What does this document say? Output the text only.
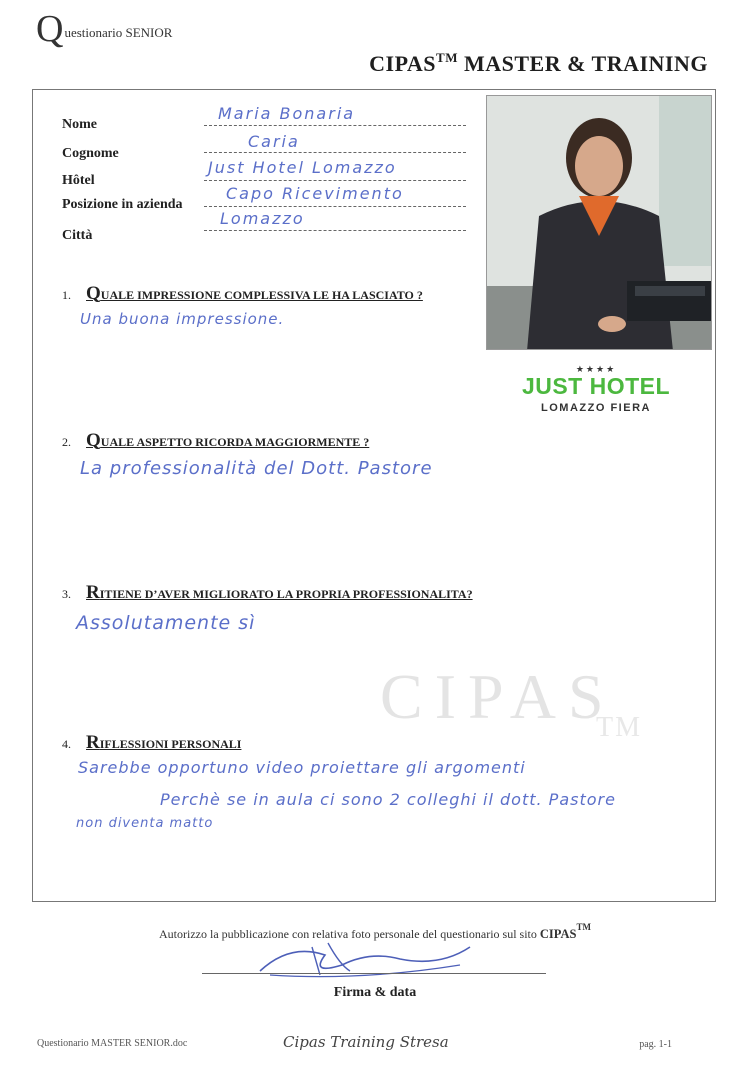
Questionario SENIOR
CIPAS™ MASTER & TRAINING
Nome
Maria Bonaria
Cognome
Caria
Hôtel
Just Hotel Lomazzo
Posizione in azienda
Capo Ricevimento
Città
Lomazzo
★★★★
JUST HOTEL
LOMAZZO FIERA
1. QUALE IMPRESSIONE COMPLESSIVA LE HA LASCIATO ?
Una buona impressione.
2. QUALE ASPETTO RICORDA MAGGIORMENTE ?
La professionalità del Dott. Pastore
3. RITIENE D’AVER MIGLIORATO LA PROPRIA PROFESSIONALITA?
Assolutamente sì
CIPAS
TM
4. RIFLESSIONI PERSONALI
Sarebbe opportuno video proiettare gli argomenti
Perchè se in aula ci sono 2 colleghi il dott. Pastore
non diventa matto
Autorizzo la pubblicazione con relativa foto personale del questionario sul sito CIPAS™
Firma & data
Questionario MASTER SENIOR.doc	Cipas Training Stresa	pag. 1-1
